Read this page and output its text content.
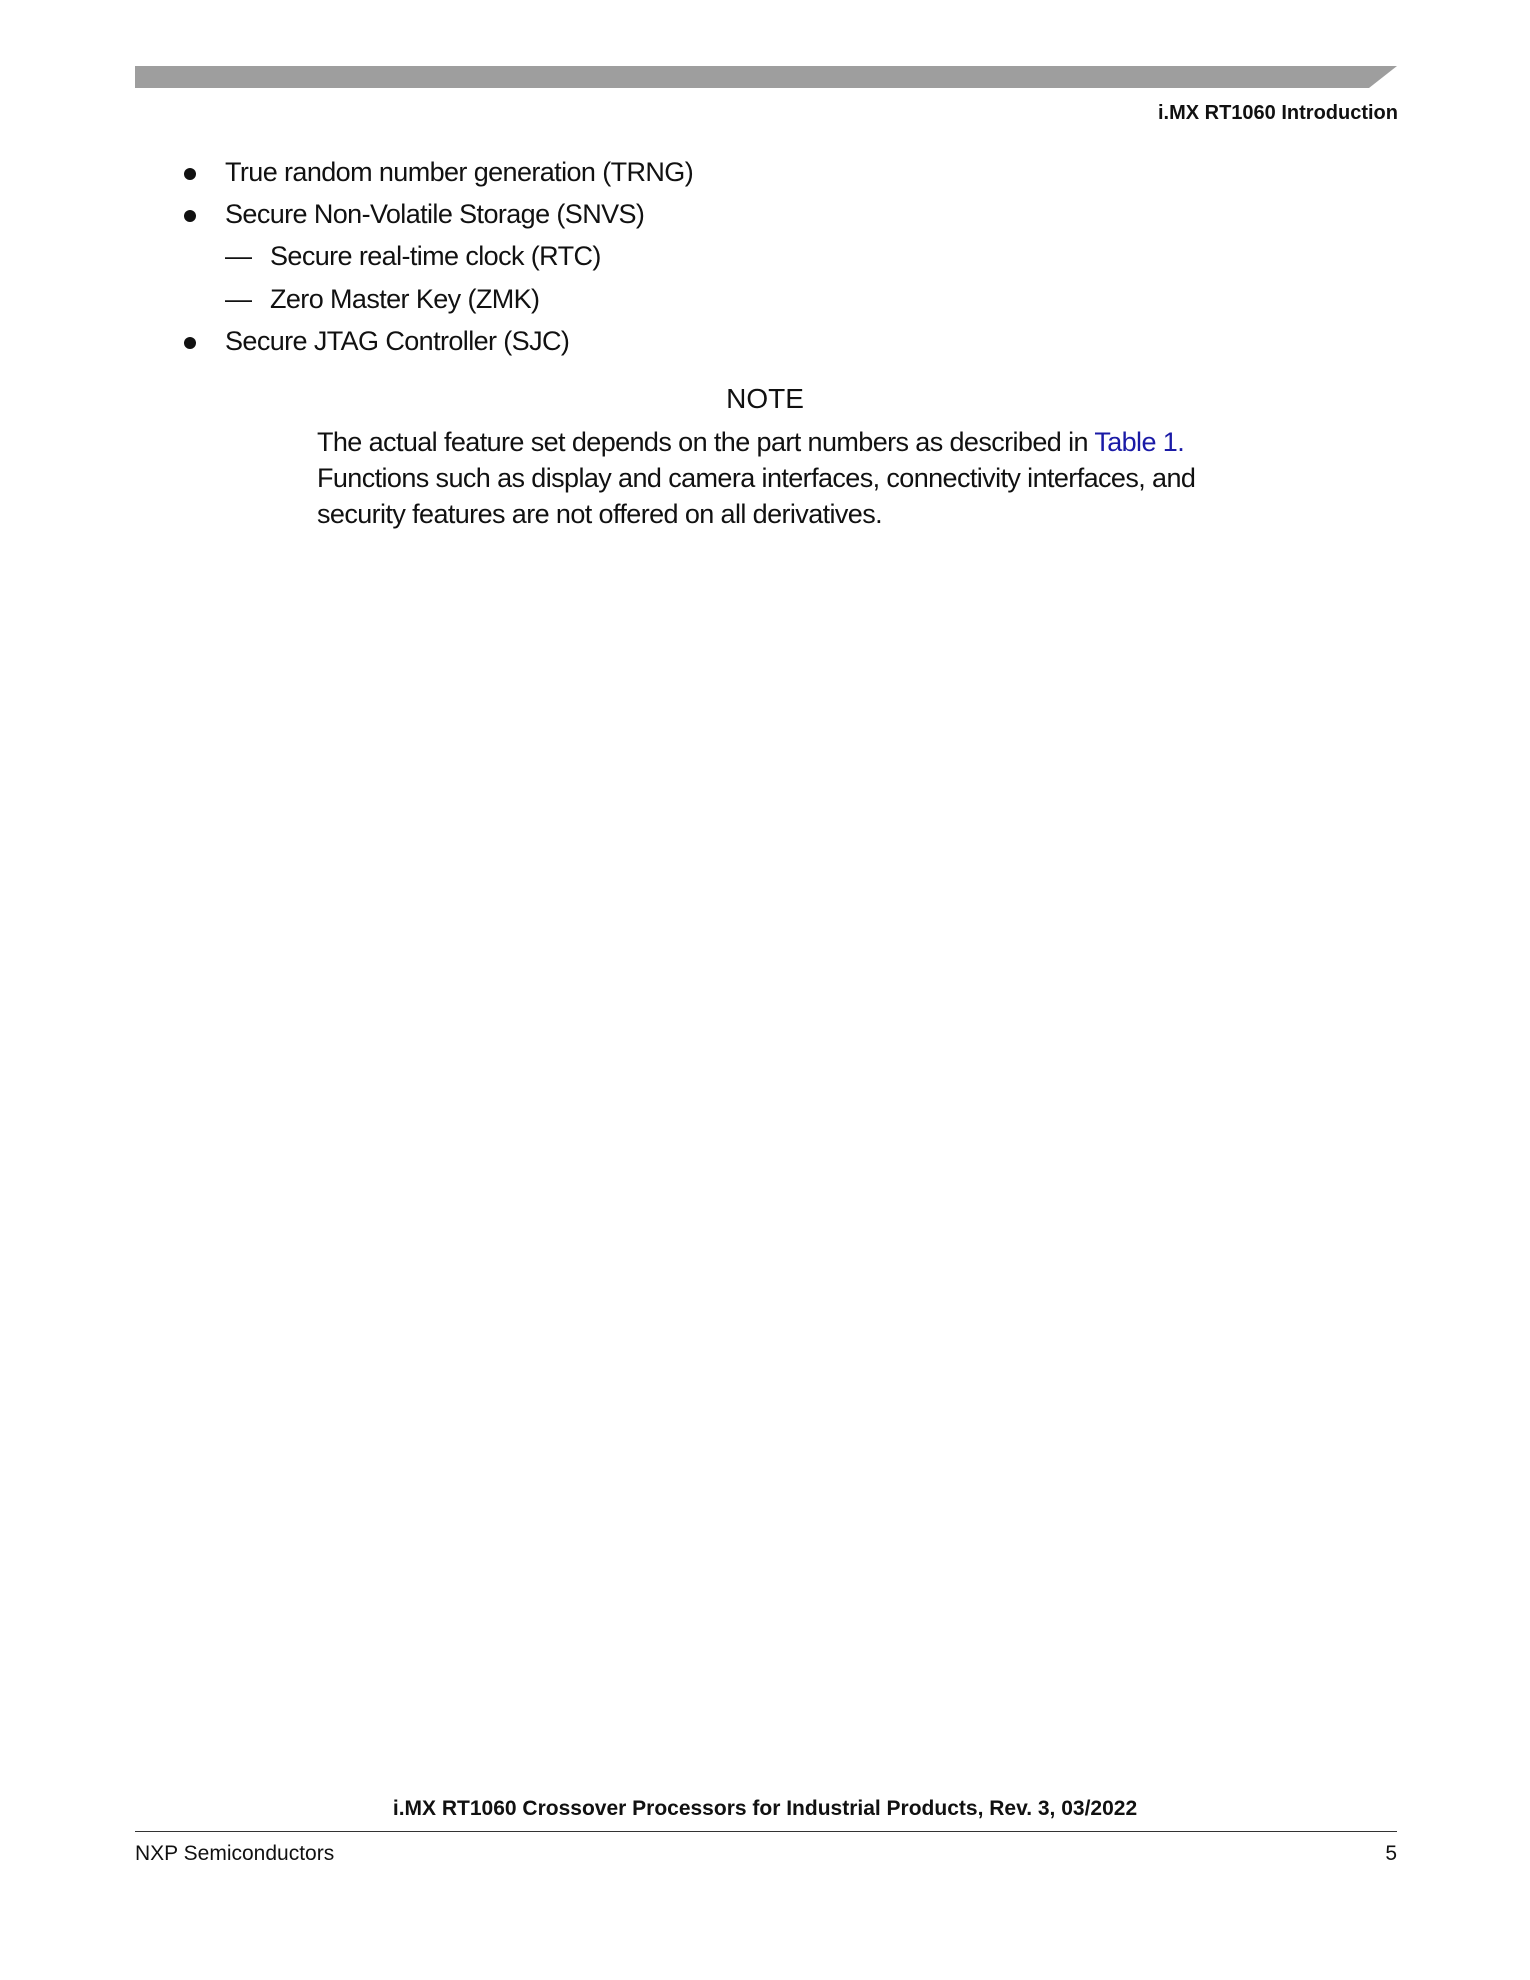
i.MX RT1060 Introduction
True random number generation (TRNG)
Secure Non-Volatile Storage (SNVS)
— Secure real-time clock (RTC)
— Zero Master Key (ZMK)
Secure JTAG Controller (SJC)
NOTE
The actual feature set depends on the part numbers as described in Table 1. Functions such as display and camera interfaces, connectivity interfaces, and security features are not offered on all derivatives.
i.MX RT1060 Crossover Processors for Industrial Products, Rev. 3, 03/2022
NXP Semiconductors	5
